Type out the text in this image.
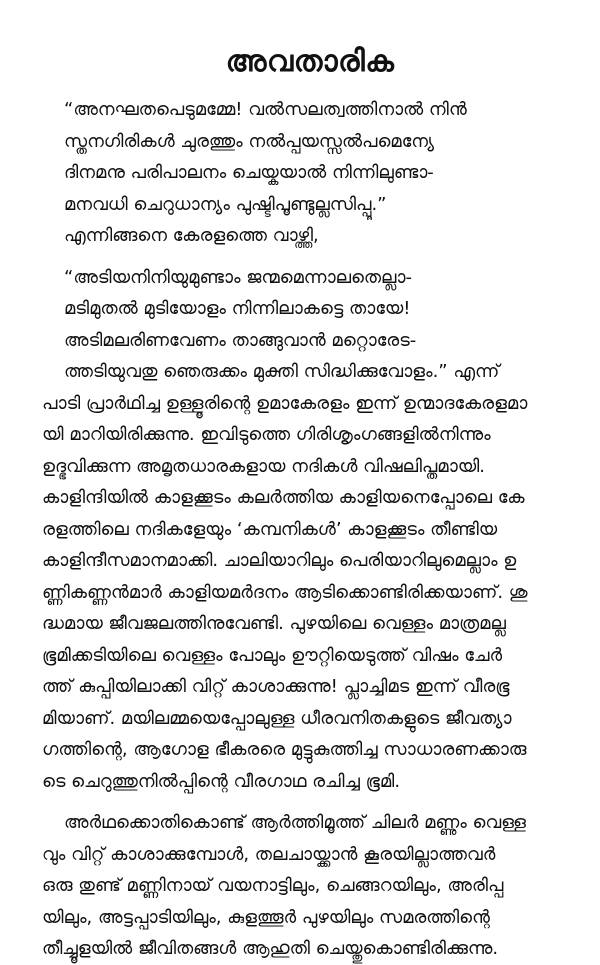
അവതാരിക
“അനഘതപെടുമമ്മേ! വൽസലത്വത്തിനാൽ നിൻ
സ്തനഗിരികൾ ചുരത്തും നൽപ്പയസ്സൽപമെന്യേ
ദിനമനു പരിപാലനം ചെയ്കയാൽ നിന്നിലുണ്ടാ-
മനവധി ചെറുധാന്യം പുഷ്ടിപൂണ്ടുല്ലസിപ്പൂ.”
എന്നിങ്ങനെ കേരളത്തെ വാഴ്ത്തി,
“അടിയനിനിയുമുണ്ടാം ജന്മമെന്നാലതെല്ലാ-
മടിമുതൽ മുടിയോളം നിന്നിലാകട്ടെ തായേ!
അടിമലരിണവേണം താങ്ങുവാൻ മറ്റൊരേട-
ത്തടിയുവതു ഞെരുക്കം മുക്തി സിദ്ധിക്കുവോളം.” എന്ന്
പാടി പ്രാർഥിച്ച ഉള്ളൂരിന്റെ ഉമാകേരളം ഇന്ന് ഉന്മാദകേരളമാ
യി മാറിയിരിക്കുന്നു. ഇവിടുത്തെ ഗിരിശൃംഗങ്ങളിൽനിന്നും
ഉദ്ഭവിക്കുന്ന അമൃതധാരകളായ നദികൾ വിഷലിപ്തമായി.
കാളിന്ദിയിൽ കാളക്കൂടം കലർത്തിയ കാളിയനെപ്പോലെ കേ
രളത്തിലെ നദികളേയും ‘കമ്പനികൾ’ കാളക്കൂടം തീണ്ടിയ
കാളിന്ദീസമാനമാക്കി. ചാലിയാറിലും പെരിയാറിലുമെല്ലാം ഉ
ണ്ണികണ്ണൻമാർ കാളിയമർദനം ആടിക്കൊണ്ടിരിക്കയാണ്. ശു
ദ്ധമായ ജീവജലത്തിനുവേണ്ടി. പുഴയിലെ വെള്ളം മാത്രമല്ല
ഭൂമിക്കടിയിലെ വെള്ളം പോലും ഊറ്റിയെടുത്ത് വിഷം ചേർ
ത്ത് കുപ്പിയിലാക്കി വിറ്റ് കാശാക്കുന്നു! പ്ലാച്ചിമട ഇന്ന് വീരഭൂ
മിയാണ്. മയിലമ്മയെപ്പോലുള്ള ധീരവനിതകളുടെ ജീവത്യാ
ഗത്തിന്റെ, ആഗോള ഭീകരരെ മുട്ടുകുത്തിച്ച സാധാരണക്കാരു
ടെ ചെറുത്തുനിൽപ്പിന്റെ വീരഗാഥ രചിച്ച ഭൂമി.
അർഥക്കൊതികൊണ്ട് ആർത്തിമൂത്ത് ചിലർ മണ്ണും വെള്ള
വും വിറ്റ് കാശാക്കുമ്പോൾ, തലചായ്ക്കാൻ കൂരയില്ലാത്തവർ
ഒരു തുണ്ട് മണ്ണിനായ് വയനാട്ടിലും, ചെങ്ങറയിലും, അരിപ്പ
യിലും, അട്ടപ്പാടിയിലും, കുളത്തൂർ പുഴയിലും സമരത്തിന്റെ
തീച്ചൂളയിൽ ജീവിതങ്ങൾ ആഹുതി ചെയ്തുകൊണ്ടിരിക്കുന്നു.
